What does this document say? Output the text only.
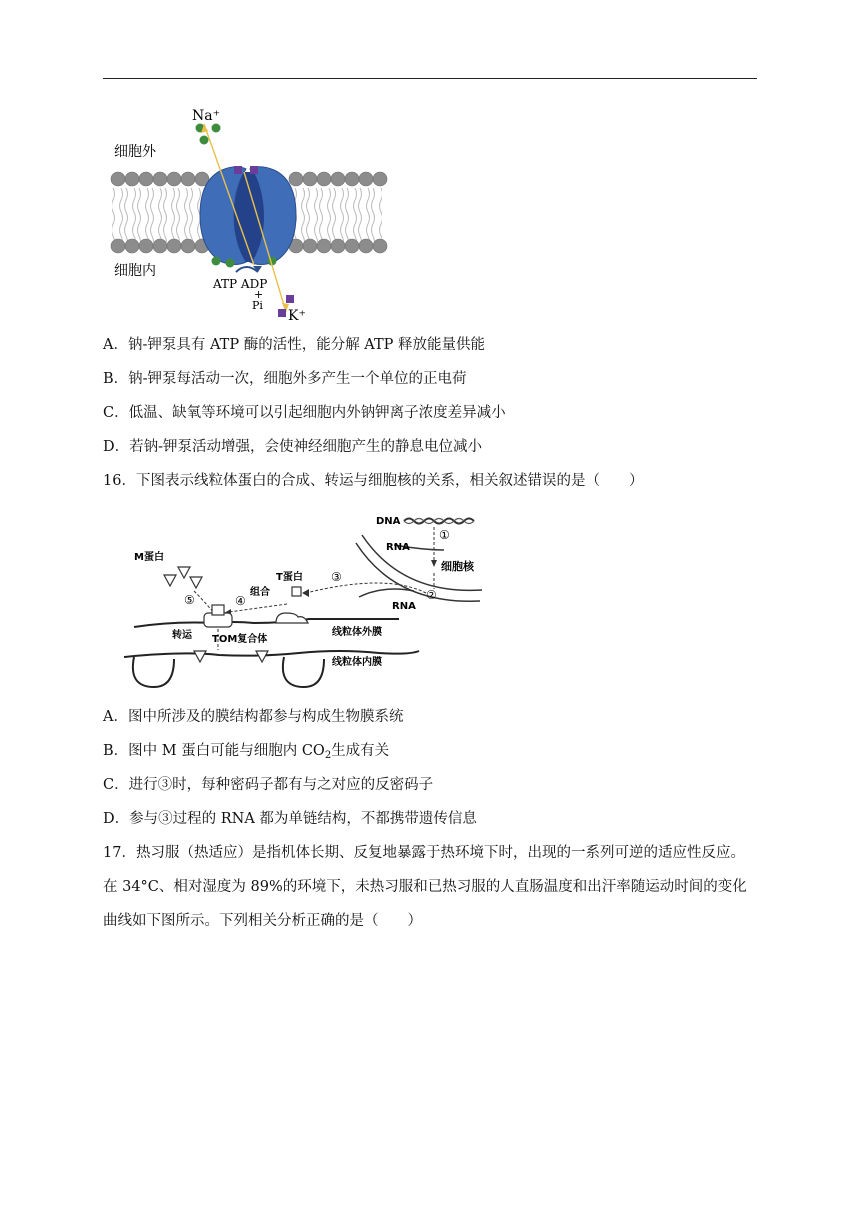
Na⁺
细胞外
细胞内
ATP ADP
+
Pi
K⁺
A．钠-钾泵具有 ATP 酶的活性，能分解 ATP 释放能量供能
B．钠-钾泵每活动一次，细胞外多产生一个单位的正电荷
C．低温、缺氧等环境可以引起细胞内外钠钾离子浓度差异减小
D．若钠-钾泵活动增强，会使神经细胞产生的静息电位减小
16．下图表示线粒体蛋白的合成、转运与细胞核的关系，相关叙述错误的是（　　）
DNA
①
RNA
细胞核
②
RNA
③
T蛋白
M蛋白
⑤
组合
④
转运 TOM复合体
线粒体外膜
线粒体内膜
A．图中所涉及的膜结构都参与构成生物膜系统
B．图中 M 蛋白可能与细胞内 $CO_2$生成有关
C．进行③时，每种密码子都有与之对应的反密码子
D．参与③过程的 RNA 都为单链结构，不都携带遗传信息
17．热习服（热适应）是指机体长期、反复地暴露于热环境下时，出现的一系列可逆的适应性反应。
在 34°C、相对湿度为 89%的环境下，未热习服和已热习服的人直肠温度和出汗率随运动时间的变化
曲线如下图所示。下列相关分析正确的是（　　）
